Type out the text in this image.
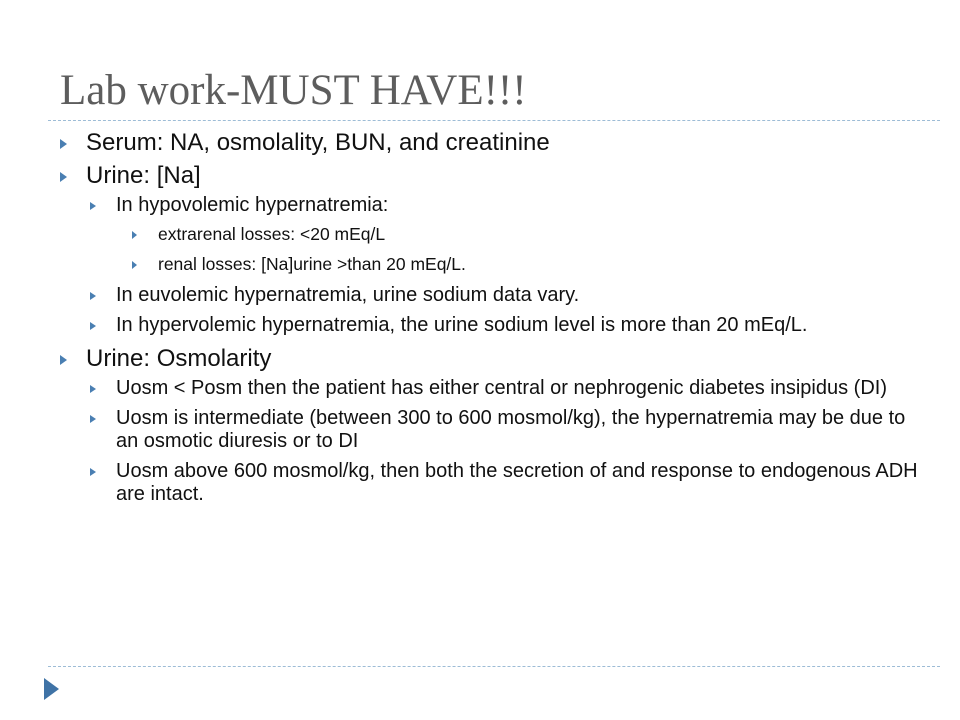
Lab work-MUST HAVE!!!
Serum: NA, osmolality, BUN, and creatinine
Urine: [Na]
In hypovolemic hypernatremia:
extrarenal losses: <20 mEq/L
renal losses: [Na]urine >than 20 mEq/L.
In euvolemic hypernatremia, urine sodium data vary.
In hypervolemic hypernatremia, the urine sodium level is more than 20 mEq/L.
Urine: Osmolarity
Uosm < Posm then the patient has either central or nephrogenic diabetes insipidus (DI)
Uosm is intermediate (between 300 to 600 mosmol/kg), the hypernatremia may be due to an osmotic diuresis or to DI
Uosm above 600 mosmol/kg, then both the secretion of and response to endogenous ADH are intact.
